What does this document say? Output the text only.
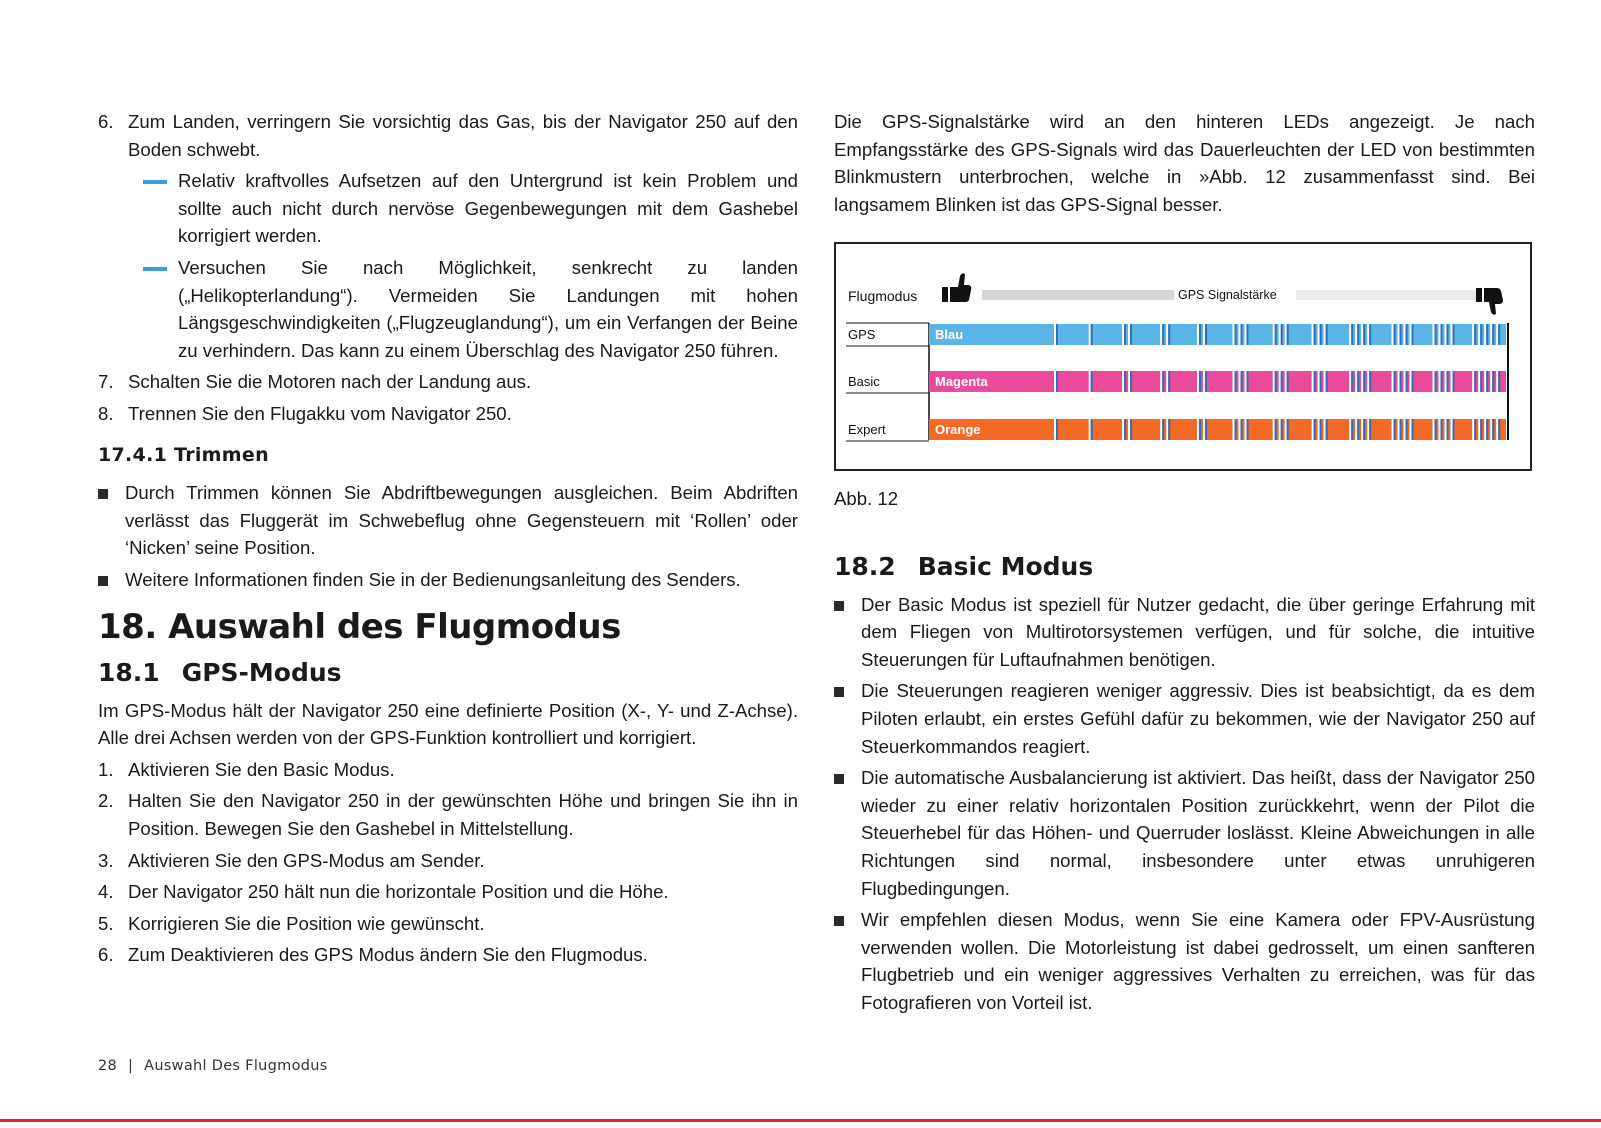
6. Zum Landen, verringern Sie vorsichtig das Gas, bis der Navigator 250 auf den Boden schwebt.
Relativ kraftvolles Aufsetzen auf den Untergrund ist kein Problem und sollte auch nicht durch nervöse Gegenbewegungen mit dem Gashebel korrigiert werden.
Versuchen Sie nach Möglichkeit, senkrecht zu landen („Helikopterlandung“). Vermeiden Sie Landungen mit hohen Längsgeschwindigkeiten („Flugzeuglandung“), um ein Verfangen der Beine zu verhindern. Das kann zu einem Überschlag des Navigator 250 führen.
7. Schalten Sie die Motoren nach der Landung aus.
8. Trennen Sie den Flugakku vom Navigator 250.
17.4.1 Trimmen
Durch Trimmen können Sie Abdriftbewegungen ausgleichen. Beim Abdriften verlässt das Fluggerät im Schwebeflug ohne Gegensteuern mit ‘Rollen’ oder ‘Nicken’ seine Position.
Weitere Informationen finden Sie in der Bedienungsanleitung des Senders.
18. Auswahl des Flugmodus
18.1 GPS-Modus

Im GPS-Modus hält der Navigator 250 eine definierte Position (X-, Y- und Z-Achse). Alle drei Achsen werden von der GPS-Funktion kontrolliert und korrigiert.

1. Aktivieren Sie den Basic Modus.
2. Halten Sie den Navigator 250 in der gewünschten Höhe und bringen Sie ihn in Position. Bewegen Sie den Gashebel in Mittelstellung.
3. Aktivieren Sie den GPS-Modus am Sender.
4. Der Navigator 250 hält nun die horizontale Position und die Höhe.
5. Korrigieren Sie die Position wie gewünscht.
6. Zum Deaktivieren des GPS Modus ändern Sie den Flugmodus.

Die GPS-Signalstärke wird an den hinteren LEDs angezeigt. Je nach Empfangsstärke des GPS-Signals wird das Dauerleuchten der LED von bestimmten Blinkmustern unterbrochen, welche in »Abb. 12 zusammenfasst sind. Bei langsamem Blinken ist das GPS-Signal besser.

Flugmodus	GPS Signalstärke
GPS	Blau
Basic	Magenta
Expert	Orange
Abb. 12
18.2 Basic Modus
Der Basic Modus ist speziell für Nutzer gedacht, die über geringe Erfahrung mit dem Fliegen von Multirotorsystemen verfügen, und für solche, die intuitive Steuerungen für Luftaufnahmen benötigen.
Die Steuerungen reagieren weniger aggressiv. Dies ist beabsichtigt, da es dem Piloten erlaubt, ein erstes Gefühl dafür zu bekommen, wie der Navigator 250 auf Steuerkommandos reagiert.
Die automatische Ausbalancierung ist aktiviert. Das heißt, dass der Navigator 250 wieder zu einer relativ horizontalen Position zurückkehrt, wenn der Pilot die Steuerhebel für das Höhen- und Querruder loslässt. Kleine Abweichungen in alle Richtungen sind normal, insbesondere unter etwas unruhigeren Flugbedingungen.
Wir empfehlen diesen Modus, wenn Sie eine Kamera oder FPV-Ausrüstung verwenden wollen. Die Motorleistung ist dabei gedrosselt, um einen sanfteren Flugbetrieb und ein weniger aggressives Verhalten zu erreichen, was für das Fotografieren von Vorteil ist.
28 | Auswahl Des Flugmodus
